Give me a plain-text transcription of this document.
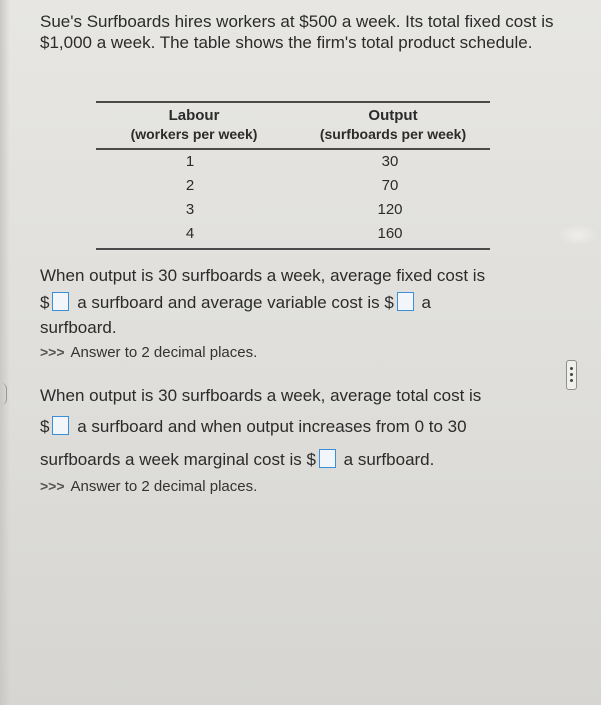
Sue's Surfboards hires workers at $500 a week. Its total fixed cost is $1,000 a week. The table shows the firm's total product schedule.
Labour
(workers per week)
Output
(surfboards per week)
1	30
2	70
3	120
4	160
When output is 30 surfboards a week, average fixed cost is
$ a surfboard and average variable cost is $ a
surfboard.
>>> Answer to 2 decimal places.
When output is 30 surfboards a week, average total cost is
$ a surfboard and when output increases from 0 to 30
surfboards a week marginal cost is $ a surfboard.
>>> Answer to 2 decimal places.
